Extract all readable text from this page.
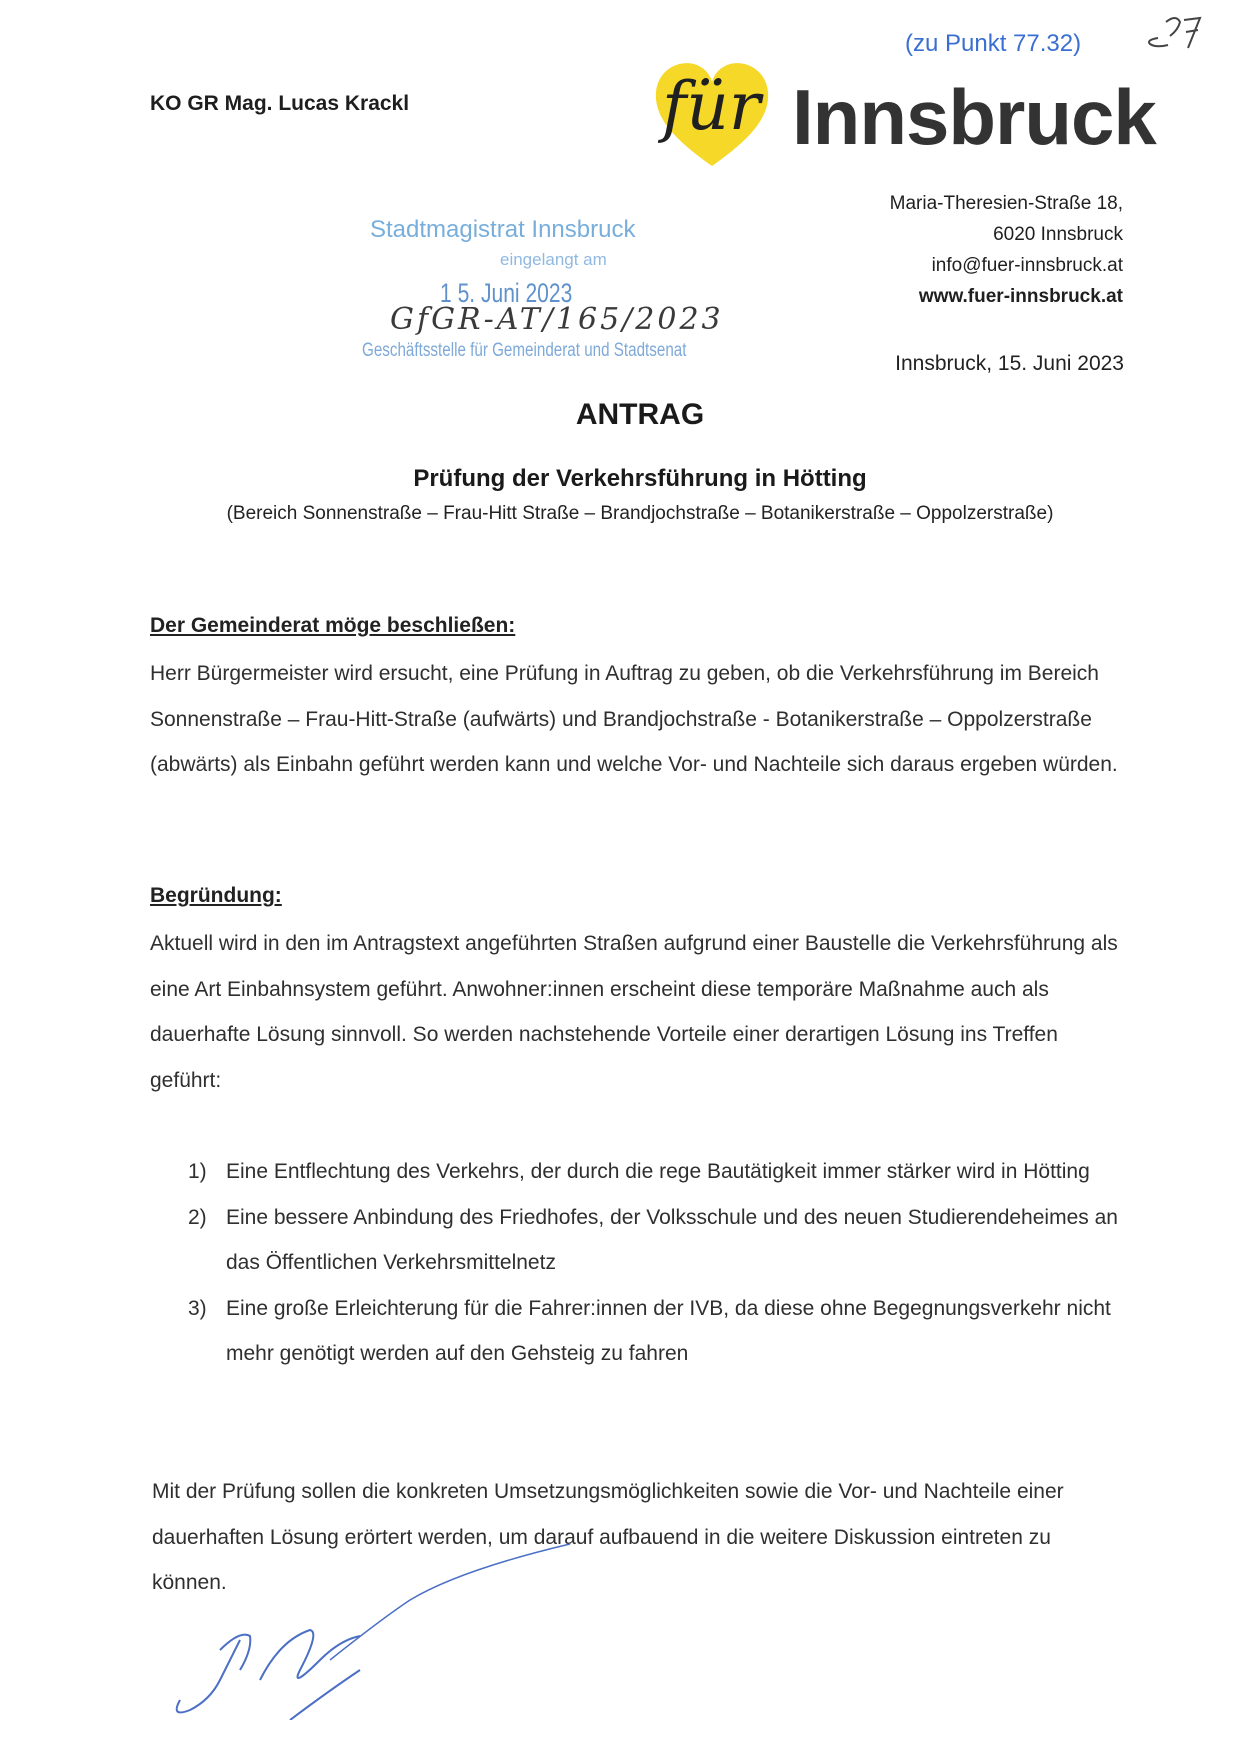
(zu Punkt 77.32)
KO GR Mag. Lucas Krackl	für Innsbruck
Maria-Theresien-Straße 18,
6020 Innsbruck
info@fuer-innsbruck.at
www.fuer-innsbruck.at
Innsbruck, 15. Juni 2023
Stadtmagistrat Innsbruck
eingelangt am
1 5. Juni 2023
GfGR-AT/165/2023
Geschäftsstelle für Gemeinderat und Stadtsenat
ANTRAG
Prüfung der Verkehrsführung in Hötting
(Bereich Sonnenstraße – Frau-Hitt Straße – Brandjochstraße – Botanikerstraße – Oppolzerstraße)
Der Gemeinderat möge beschließen:
Herr Bürgermeister wird ersucht, eine Prüfung in Auftrag zu geben, ob die Verkehrsführung im Bereich Sonnenstraße – Frau-Hitt-Straße (aufwärts) und Brandjochstraße - Botanikerstraße – Oppolzerstraße (abwärts) als Einbahn geführt werden kann und welche Vor- und Nachteile sich daraus ergeben würden.
Begründung:
Aktuell wird in den im Antragstext angeführten Straßen aufgrund einer Baustelle die Verkehrsführung als eine Art Einbahnsystem geführt. Anwohner:innen erscheint diese temporäre Maßnahme auch als dauerhafte Lösung sinnvoll. So werden nachstehende Vorteile einer derartigen Lösung ins Treffen geführt:
1) Eine Entflechtung des Verkehrs, der durch die rege Bautätigkeit immer stärker wird in Hötting
2) Eine bessere Anbindung des Friedhofes, der Volksschule und des neuen Studierendeheimes an das Öffentlichen Verkehrsmittelnetz
3) Eine große Erleichterung für die Fahrer:innen der IVB, da diese ohne Begegnungsverkehr nicht mehr genötigt werden auf den Gehsteig zu fahren
Mit der Prüfung sollen die konkreten Umsetzungsmöglichkeiten sowie die Vor- und Nachteile einer dauerhaften Lösung erörtert werden, um darauf aufbauend in die weitere Diskussion eintreten zu können.
